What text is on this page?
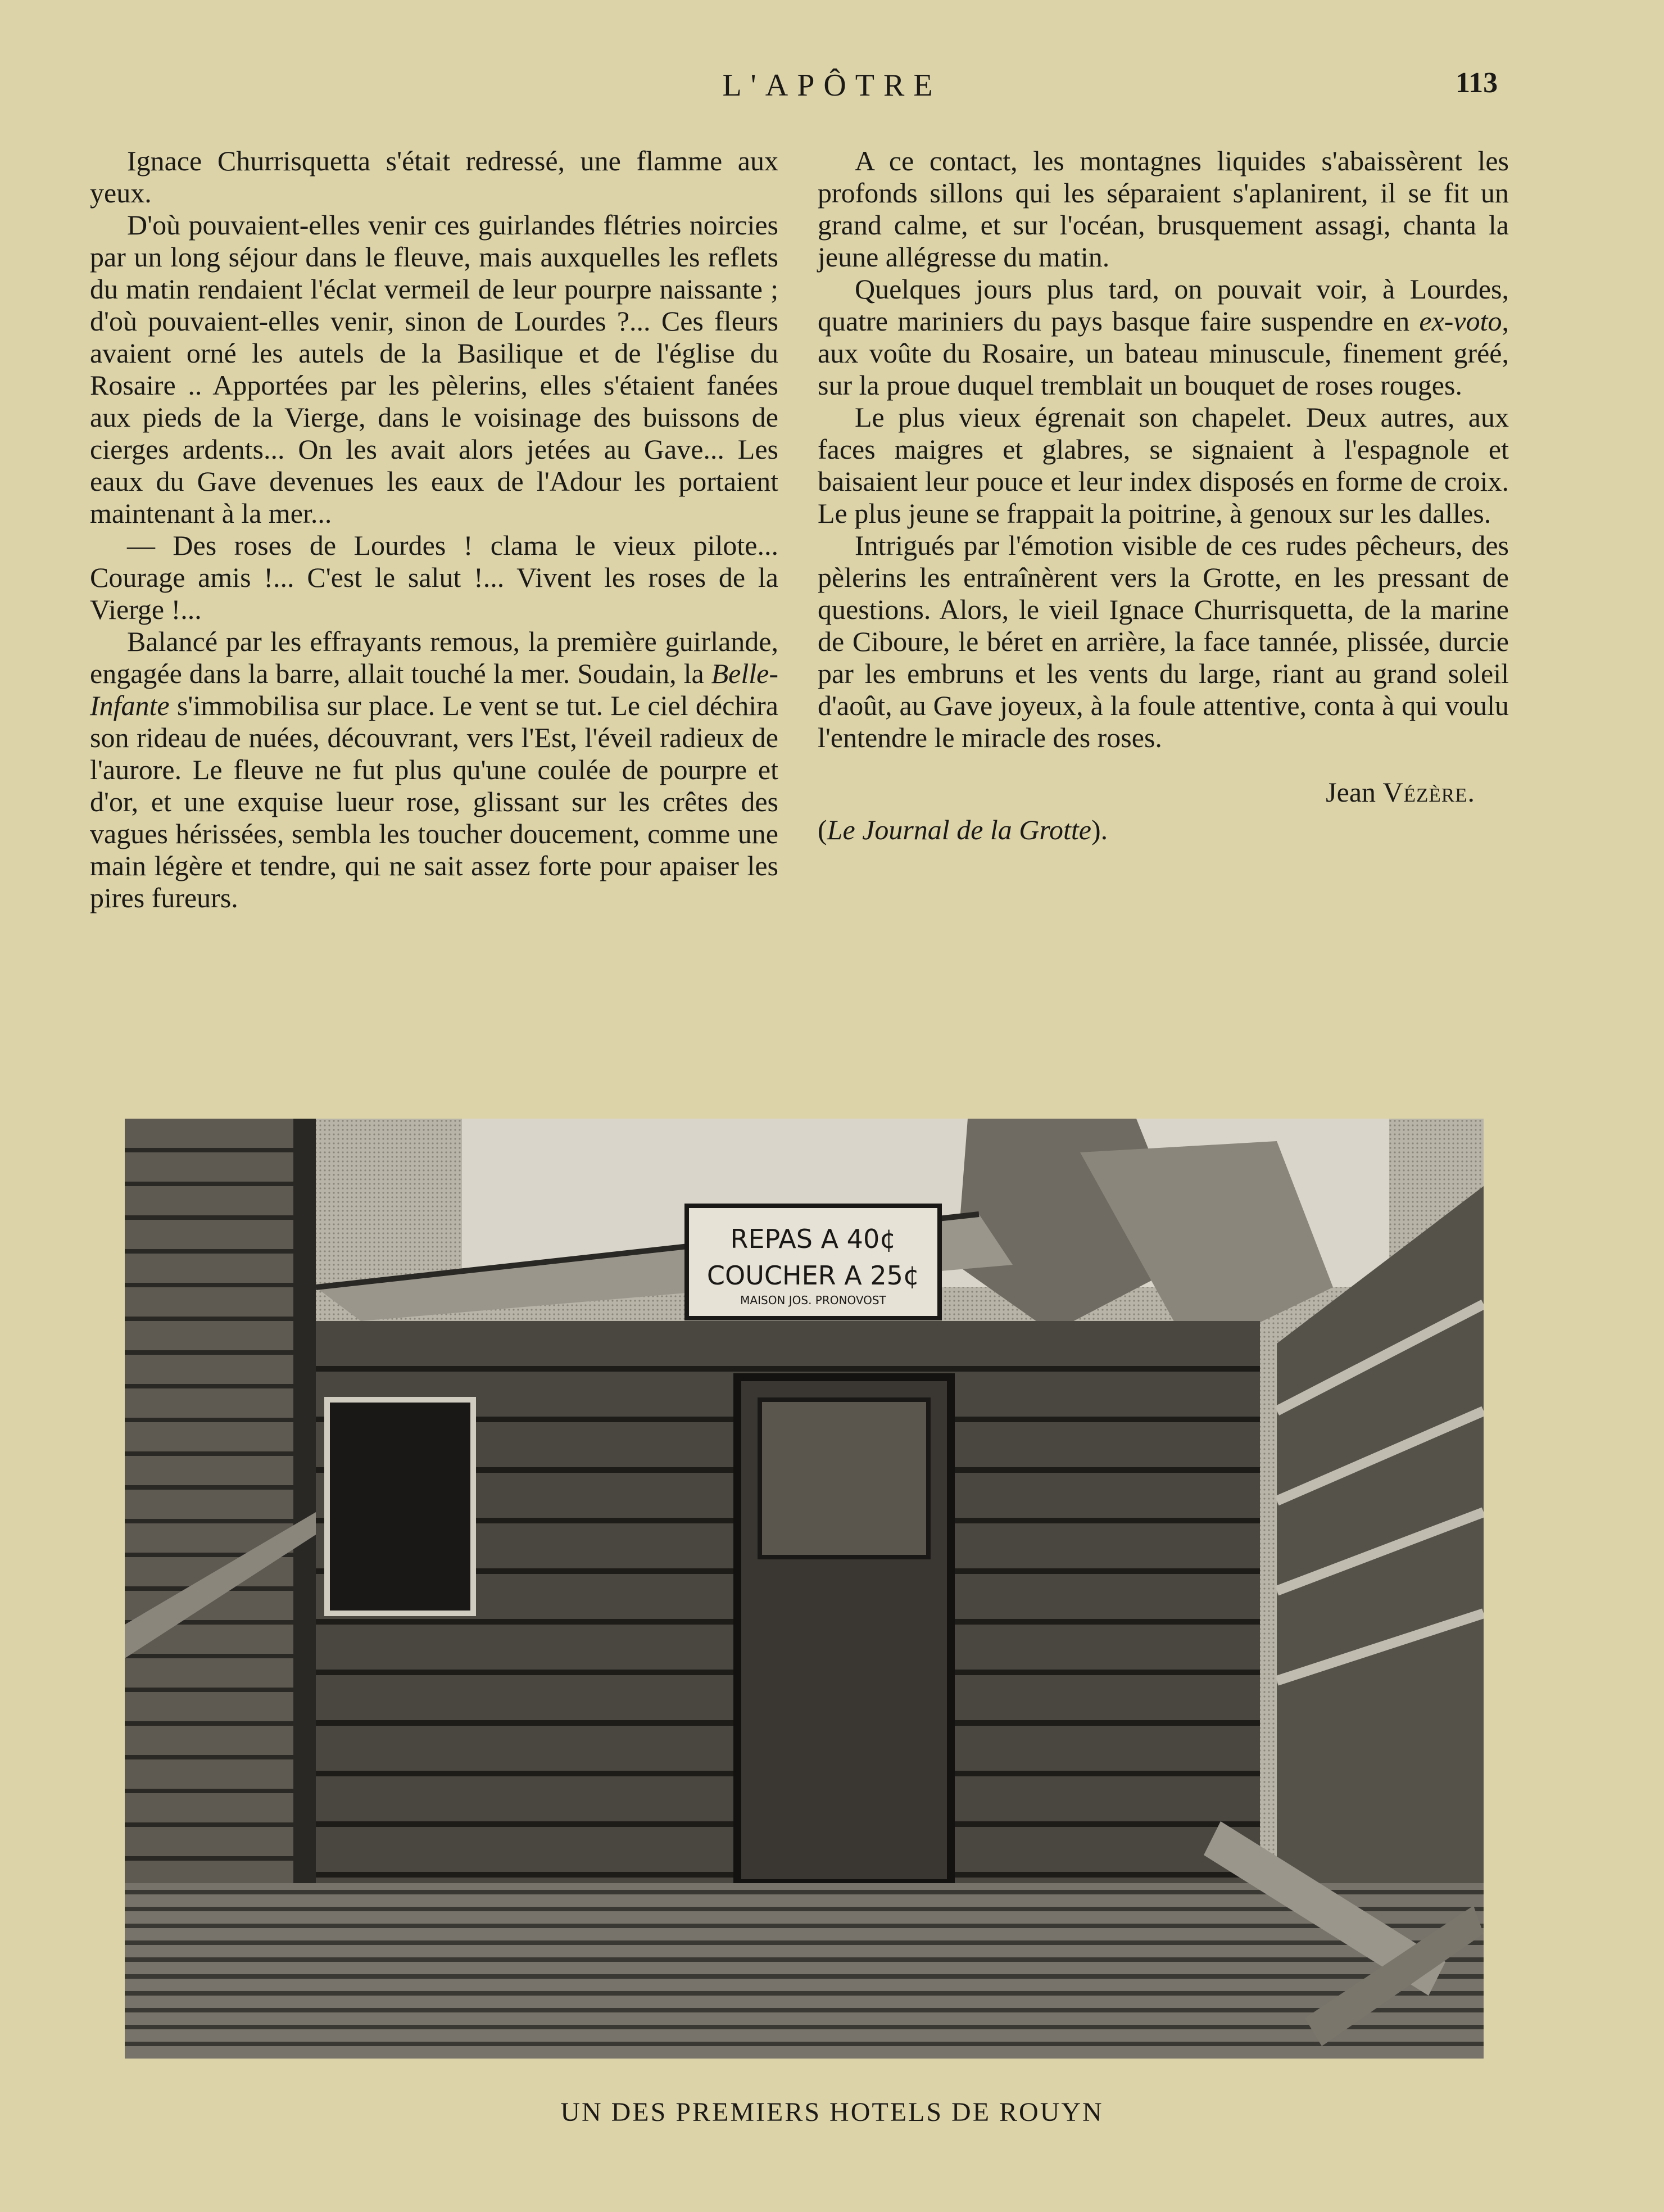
L'APÔTRE	113

Ignace Churrisquetta s'était redressé, une flamme aux yeux.

D'où pouvaient-elles venir ces guirlandes flétries noircies par un long séjour dans le fleuve, mais auxquelles les reflets du matin rendaient l'éclat vermeil de leur pourpre naissante ; d'où pouvaient-elles venir, sinon de Lourdes ?... Ces fleurs avaient orné les autels de la Basilique et de l'église du Rosaire .. Apportées par les pèlerins, elles s'étaient fanées aux pieds de la Vierge, dans le voisinage des buissons de cierges ardents... On les avait alors jetées au Gave... Les eaux du Gave devenues les eaux de l'Adour les portaient maintenant à la mer...

— Des roses de Lourdes ! clama le vieux pilote... Courage amis !... C'est le salut !... Vivent les roses de la Vierge !...

Balancé par les effrayants remous, la première guirlande, engagée dans la barre, allait touché la mer. Soudain, la Belle-Infante s'immobilisa sur place. Le vent se tut. Le ciel déchira son rideau de nuées, découvrant, vers l'Est, l'éveil radieux de l'aurore. Le fleuve ne fut plus qu'une coulée de pourpre et d'or, et une exquise lueur rose, glissant sur les crêtes des vagues hérissées, sembla les toucher doucement, comme une main légère et tendre, qui ne sait assez forte pour apaiser les pires fureurs.

A ce contact, les montagnes liquides s'abaissèrent les profonds sillons qui les séparaient s'aplanirent, il se fit un grand calme, et sur l'océan, brusquement assagi, chanta la jeune allégresse du matin.

Quelques jours plus tard, on pouvait voir, à Lourdes, quatre mariniers du pays basque faire suspendre en ex-voto, aux voûte du Rosaire, un bateau minuscule, finement gréé, sur la proue duquel tremblait un bouquet de roses rouges.

Le plus vieux égrenait son chapelet. Deux autres, aux faces maigres et glabres, se signaient à l'espagnole et baisaient leur pouce et leur index disposés en forme de croix. Le plus jeune se frappait la poitrine, à genoux sur les dalles.

Intrigués par l'émotion visible de ces rudes pêcheurs, des pèlerins les entraînèrent vers la Grotte, en les pressant de questions. Alors, le vieil Ignace Churrisquetta, de la marine de Ciboure, le béret en arrière, la face tannée, plissée, durcie par les embruns et les vents du large, riant au grand soleil d'août, au Gave joyeux, à la foule attentive, conta à qui voulu l'entendre le miracle des roses.

Jean Vézère.
(Le Journal de la Grotte).
REPAS A 40¢
COUCHER A 25¢
MAISON JOS. PRONOVOST
UN DES PREMIERS HOTELS DE ROUYN
